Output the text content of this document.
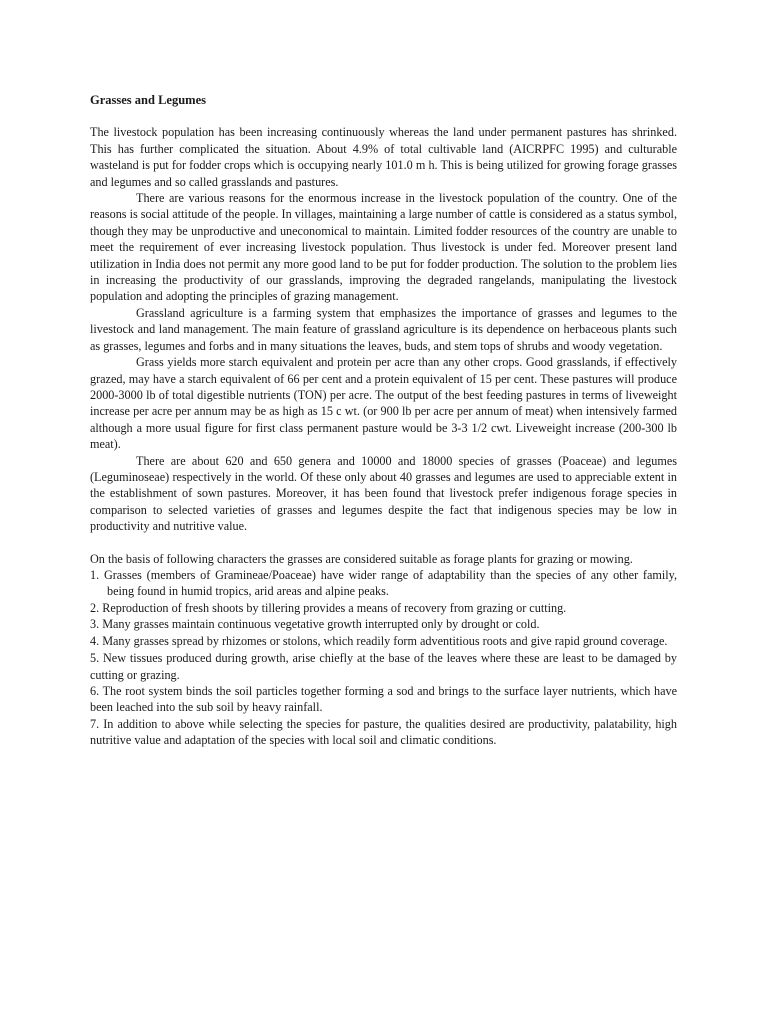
Grasses and Legumes

The livestock population has been increasing continuously whereas the land under permanent pastures has shrinked. This has further complicated the situation. About 4.9% of total cultivable land (AICRPFC 1995) and culturable wasteland is put for fodder crops which is occupying nearly 101.0 m h. This is being utilized for growing forage grasses and legumes and so called grasslands and pastures.

There are various reasons for the enormous increase in the livestock population of the country. One of the reasons is social attitude of the people. In villages, maintaining a large number of cattle is considered as a status symbol, though they may be unproductive and uneconomical to maintain. Limited fodder resources of the country are unable to meet the requirement of ever increasing livestock population. Thus livestock is under fed. Moreover present land utilization in India does not permit any more good land to be put for fodder production. The solution to the problem lies in increasing the productivity of our grasslands, improving the degraded rangelands, manipulating the livestock population and adopting the principles of grazing management.

Grassland agriculture is a farming system that emphasizes the importance of grasses and legumes to the livestock and land management. The main feature of grassland agriculture is its dependence on herbaceous plants such as grasses, legumes and forbs and in many situations the leaves, buds, and stem tops of shrubs and woody vegetation.

Grass yields more starch equivalent and protein per acre than any other crops. Good grasslands, if effectively grazed, may have a starch equivalent of 66 per cent and a protein equivalent of 15 per cent. These pastures will produce 2000-3000 lb of total digestible nutrients (TON) per acre. The output of the best feeding pastures in terms of liveweight increase per acre per annum may be as high as 15 c wt. (or 900 lb per acre per annum of meat) when intensively farmed although a more usual figure for first class permanent pasture would be 3-3 1/2 cwt. Liveweight increase (200-300 lb meat).

There are about 620 and 650 genera and 10000 and 18000 species of grasses (Poaceae) and legumes (Leguminoseae) respectively in the world. Of these only about 40 grasses and legumes are used to appreciable extent in the establishment of sown pastures. Moreover, it has been found that livestock prefer indigenous forage species in comparison to selected varieties of grasses and legumes despite the fact that indigenous species may be low in productivity and nutritive value.

On the basis of following characters the grasses are considered suitable as forage plants for grazing or mowing.

1. Grasses (members of Gramineae/Poaceae) have wider range of adaptability than the species of any other family, being found in humid tropics, arid areas and alpine peaks.

2. Reproduction of fresh shoots by tillering provides a means of recovery from grazing or cutting.

3. Many grasses maintain continuous vegetative growth interrupted only by drought or cold.

4. Many grasses spread by rhizomes or stolons, which readily form adventitious roots and give rapid ground coverage.

5. New tissues produced during growth, arise chiefly at the base of the leaves where these are least to be damaged by cutting or grazing.

6. The root system binds the soil particles together forming a sod and brings to the surface layer nutrients, which have been leached into the sub soil by heavy rainfall.

7. In addition to above while selecting the species for pasture, the qualities desired are productivity, palatability, high nutritive value and adaptation of the species with local soil and climatic conditions.
